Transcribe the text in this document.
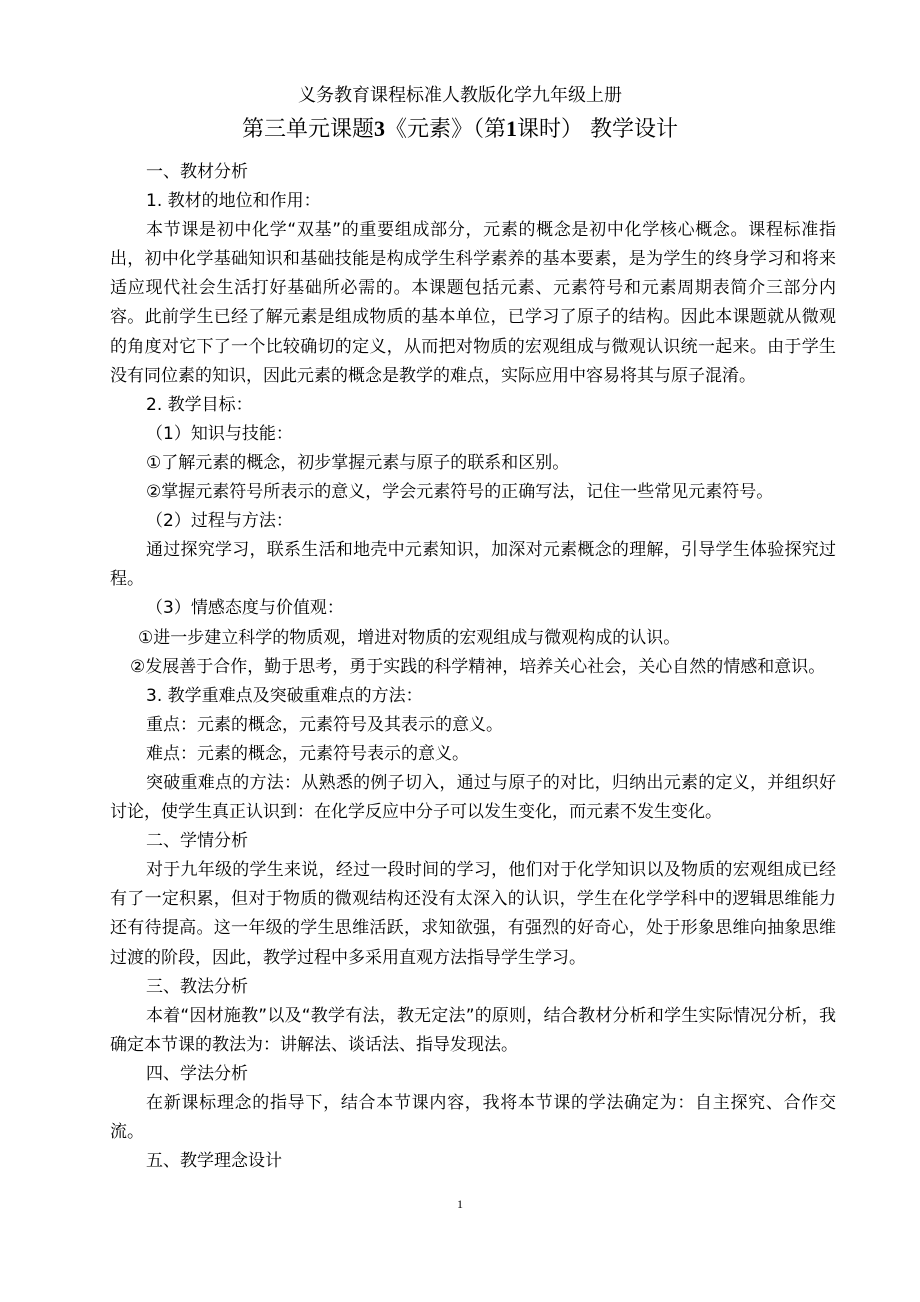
义务教育课程标准人教版化学九年级上册
第三单元课题3《元素》（第1课时） 教学设计

一、教材分析

1. 教材的地位和作用：

本节课是初中化学“双基”的重要组成部分，元素的概念是初中化学核心概念。课程标准指出，初中化学基础知识和基础技能是构成学生科学素养的基本要素，是为学生的终身学习和将来适应现代社会生活打好基础所必需的。本课题包括元素、元素符号和元素周期表简介三部分内容。此前学生已经了解元素是组成物质的基本单位，已学习了原子的结构。因此本课题就从微观的角度对它下了一个比较确切的定义，从而把对物质的宏观组成与微观认识统一起来。由于学生没有同位素的知识，因此元素的概念是教学的难点，实际应用中容易将其与原子混淆。

2. 教学目标：

（1）知识与技能：

①了解元素的概念，初步掌握元素与原子的联系和区别。

②掌握元素符号所表示的意义，学会元素符号的正确写法，记住一些常见元素符号。

（2）过程与方法：

通过探究学习，联系生活和地壳中元素知识，加深对元素概念的理解，引导学生体验探究过程。

（3）情感态度与价值观：

①进一步建立科学的物质观，增进对物质的宏观组成与微观构成的认识。

②发展善于合作，勤于思考，勇于实践的科学精神，培养关心社会，关心自然的情感和意识。

3. 教学重难点及突破重难点的方法：

重点：元素的概念，元素符号及其表示的意义。

难点：元素的概念，元素符号表示的意义。

突破重难点的方法：从熟悉的例子切入，通过与原子的对比，归纳出元素的定义，并组织好讨论，使学生真正认识到：在化学反应中分子可以发生变化，而元素不发生变化。

二、学情分析

对于九年级的学生来说，经过一段时间的学习，他们对于化学知识以及物质的宏观组成已经有了一定积累，但对于物质的微观结构还没有太深入的认识，学生在化学学科中的逻辑思维能力还有待提高。这一年级的学生思维活跃，求知欲强，有强烈的好奇心，处于形象思维向抽象思维过渡的阶段，因此，教学过程中多采用直观方法指导学生学习。

三、教法分析

本着“因材施教”以及“教学有法，教无定法”的原则，结合教材分析和学生实际情况分析，我确定本节课的教法为：讲解法、谈话法、指导发现法。

四、学法分析

在新课标理念的指导下，结合本节课内容，我将本节课的学法确定为：自主探究、合作交流。

五、教学理念设计

1
